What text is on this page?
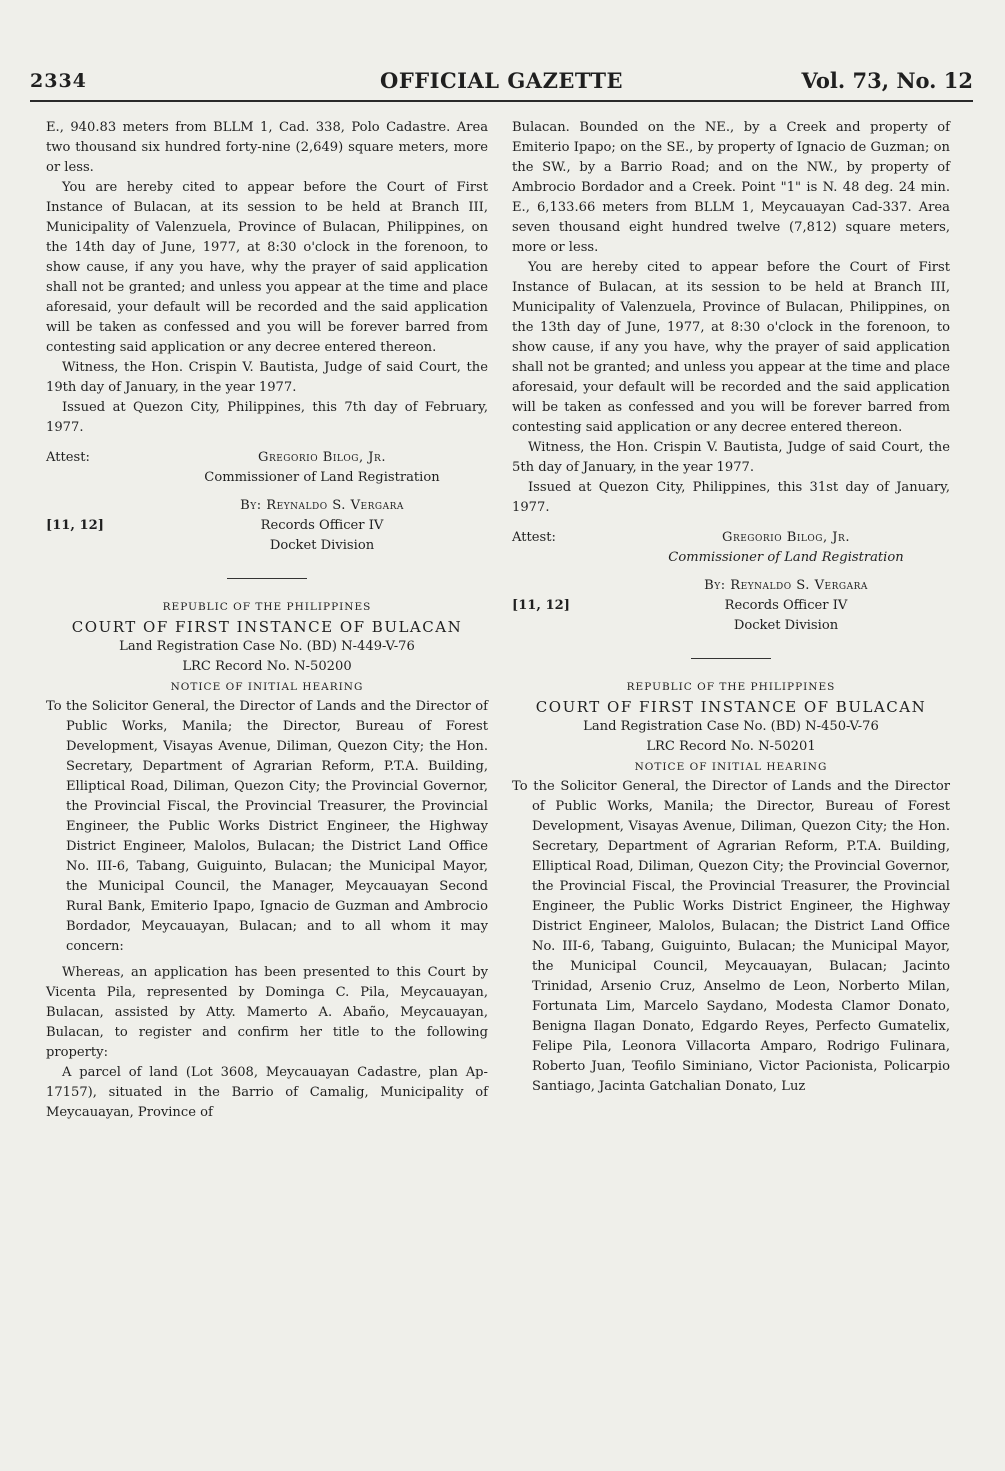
2334	OFFICIAL GAZETTE	Vol. 73, No. 12

E., 940.83 meters from BLLM 1, Cad. 338, Polo Cadastre. Area two thousand six hundred forty-nine (2,649) square meters, more or less.

You are hereby cited to appear before the Court of First Instance of Bulacan, at its session to be held at Branch III, Municipality of Valenzuela, Province of Bulacan, Philippines, on the 14th day of June, 1977, at 8:30 o'clock in the forenoon, to show cause, if any you have, why the prayer of said application shall not be granted; and unless you appear at the time and place aforesaid, your default will be recorded and the said application will be taken as confessed and you will be forever barred from contesting said application or any decree entered thereon.

Witness, the Hon. Crispin V. Bautista, Judge of said Court, the 19th day of January, in the year 1977.

Issued at Quezon City, Philippines, this 7th day of February, 1977.

Attest:	Gregorio Bilog, Jr.
Commissioner of Land Registration
[11, 12]
By: Reynaldo S. Vergara
Records Officer IV
Docket Division

REPUBLIC OF THE PHILIPPINES

COURT OF FIRST INSTANCE OF BULACAN

Land Registration Case No. (BD) N-449-V-76

LRC Record No. N-50200

NOTICE OF INITIAL HEARING

To the Solicitor General, the Director of Lands and the Director of Public Works, Manila; the Director, Bureau of Forest Development, Visayas Avenue, Diliman, Quezon City; the Hon. Secretary, Department of Agrarian Reform, P.T.A. Building, Elliptical Road, Diliman, Quezon City; the Provincial Governor, the Provincial Fiscal, the Provincial Treasurer, the Provincial Engineer, the Public Works District Engineer, the Highway District Engineer, Malolos, Bulacan; the District Land Office No. III-6, Tabang, Guiguinto, Bulacan; the Municipal Mayor, the Municipal Council, the Manager, Meycauayan Second Rural Bank, Emiterio Ipapo, Ignacio de Guzman and Ambrocio Bordador, Meycauayan, Bulacan; and to all whom it may concern:

Whereas, an application has been presented to this Court by Vicenta Pila, represented by Dominga C. Pila, Meycauayan, Bulacan, assisted by Atty. Mamerto A. Abaño, Meycauayan, Bulacan, to register and confirm her title to the following property:

A parcel of land (Lot 3608, Meycauayan Cadastre, plan Ap-17157), situated in the Barrio of Camalig, Municipality of Meycauayan, Province of

Bulacan. Bounded on the NE., by a Creek and property of Emiterio Ipapo; on the SE., by property of Ignacio de Guzman; on the SW., by a Barrio Road; and on the NW., by property of Ambrocio Bordador and a Creek. Point "1" is N. 48 deg. 24 min. E., 6,133.66 meters from BLLM 1, Meycauayan Cad-337. Area seven thousand eight hundred twelve (7,812) square meters, more or less.

You are hereby cited to appear before the Court of First Instance of Bulacan, at its session to be held at Branch III, Municipality of Valenzuela, Province of Bulacan, Philippines, on the 13th day of June, 1977, at 8:30 o'clock in the forenoon, to show cause, if any you have, why the prayer of said application shall not be granted; and unless you appear at the time and place aforesaid, your default will be recorded and the said application will be taken as confessed and you will be forever barred from contesting said application or any decree entered thereon.

Witness, the Hon. Crispin V. Bautista, Judge of said Court, the 5th day of January, in the year 1977.

Issued at Quezon City, Philippines, this 31st day of January, 1977.

Attest:	Gregorio Bilog, Jr.
Commissioner of Land Registration
[11, 12]
By: Reynaldo S. Vergara
Records Officer IV
Docket Division

REPUBLIC OF THE PHILIPPINES

COURT OF FIRST INSTANCE OF BULACAN

Land Registration Case No. (BD) N-450-V-76

LRC Record No. N-50201

NOTICE OF INITIAL HEARING

To the Solicitor General, the Director of Lands and the Director of Public Works, Manila; the Director, Bureau of Forest Development, Visayas Avenue, Diliman, Quezon City; the Hon. Secretary, Department of Agrarian Reform, P.T.A. Building, Elliptical Road, Diliman, Quezon City; the Provincial Governor, the Provincial Fiscal, the Provincial Treasurer, the Provincial Engineer, the Public Works District Engineer, the Highway District Engineer, Malolos, Bulacan; the District Land Office No. III-6, Tabang, Guiguinto, Bulacan; the Municipal Mayor, the Municipal Council, Meycauayan, Bulacan; Jacinto Trinidad, Arsenio Cruz, Anselmo de Leon, Norberto Milan, Fortunata Lim, Marcelo Saydano, Modesta Clamor Donato, Benigna Ilagan Donato, Edgardo Reyes, Perfecto Gumatelix, Felipe Pila, Leonora Villacorta Amparo, Rodrigo Fulinara, Roberto Juan, Teofilo Siminiano, Victor Pacionista, Policarpio Santiago, Jacinta Gatchalian Donato, Luz
